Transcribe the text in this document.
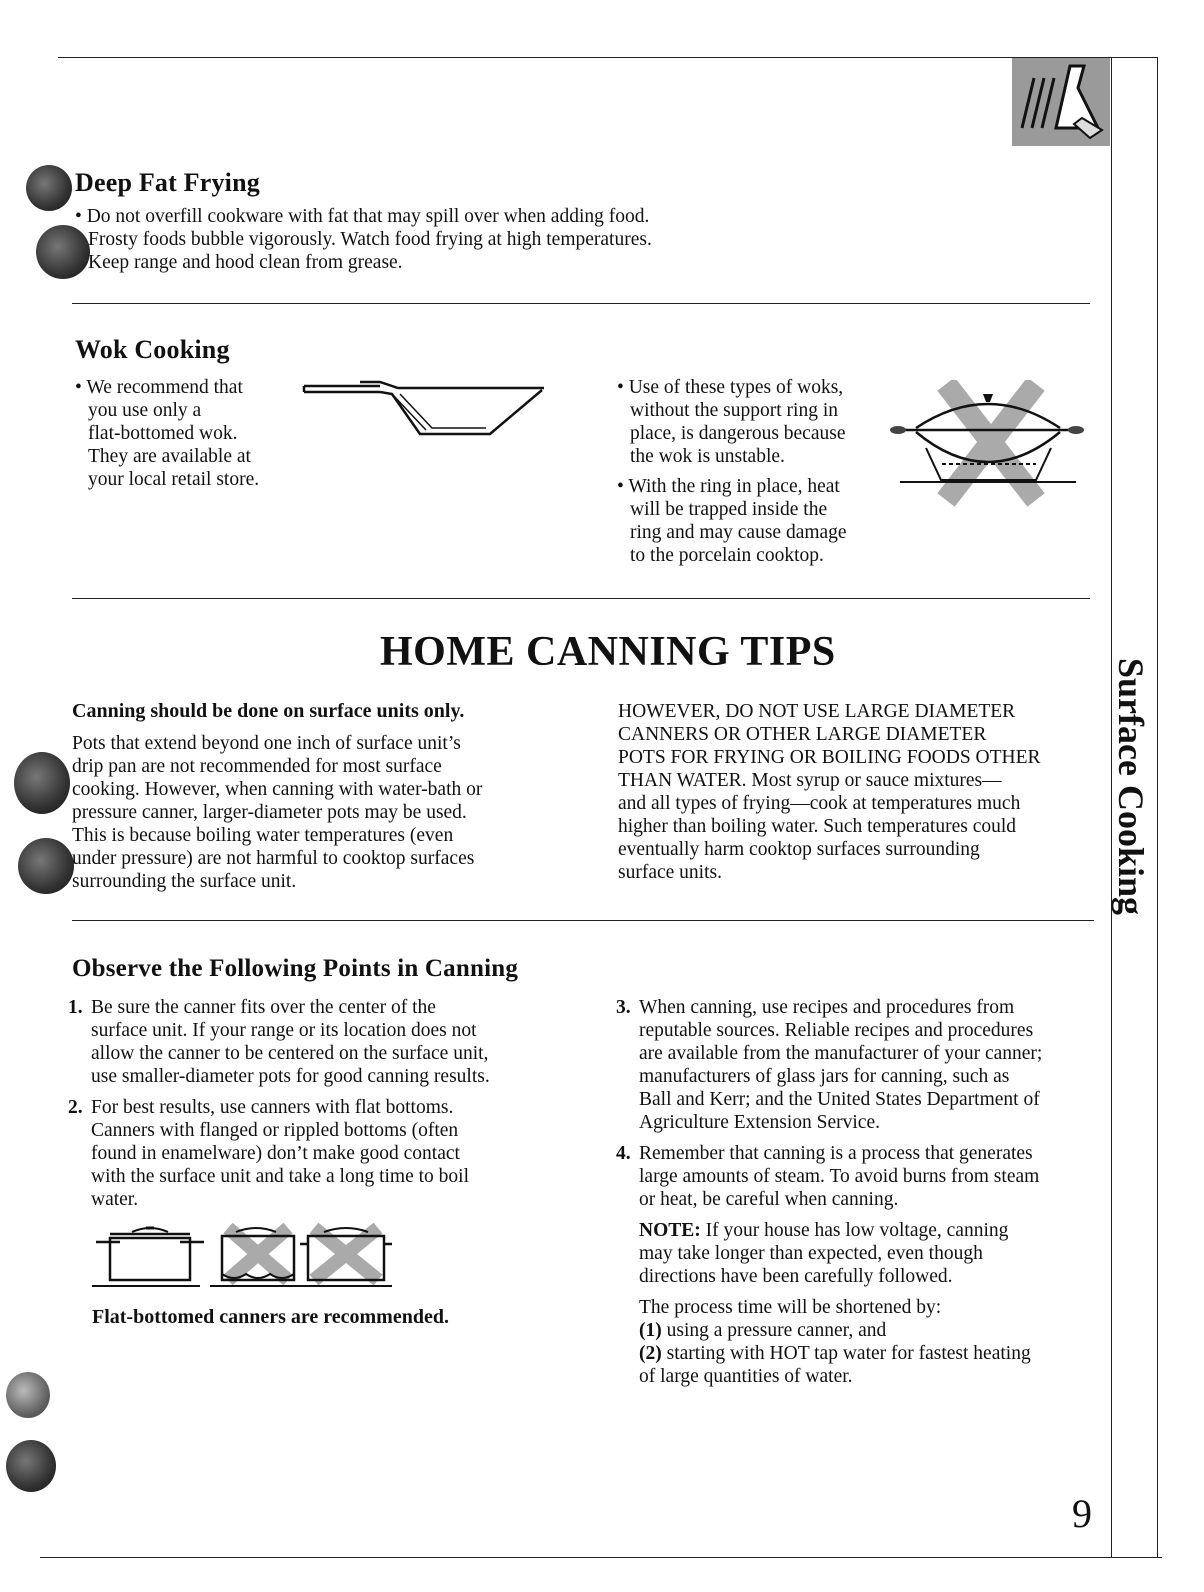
Deep Fat Frying
• Do not overfill cookware with fat that may spill over when adding food.
Frosty foods bubble vigorously. Watch food frying at high temperatures.
Keep range and hood clean from grease.
Wok Cooking

• We recommend that

you use only a

flat-bottomed wok.

They are available at

your local retail store.

• Use of these types of woks,

without the support ring in

place, is dangerous because

the wok is unstable.

• With the ring in place, heat

will be trapped inside the

ring and may cause damage

to the porcelain cooktop.

HOME CANNING TIPS
Canning should be done on surface units only.

Pots that extend beyond one inch of surface unit’s

drip pan are not recommended for most surface

cooking. However, when canning with water-bath or

pressure canner, larger-diameter pots may be used.

This is because boiling water temperatures (even

under pressure) are not harmful to cooktop surfaces

surrounding the surface unit.

HOWEVER, DO NOT USE LARGE DIAMETER

CANNERS OR OTHER LARGE DIAMETER

POTS FOR FRYING OR BOILING FOODS OTHER

THAN WATER. Most syrup or sauce mixtures—

and all types of frying—cook at temperatures much

higher than boiling water. Such temperatures could

eventually harm cooktop surfaces surrounding

surface units.	Surface Cooking
Observe the Following Points in Canning
1. Be sure the canner fits over the center of the

surface unit. If your range or its location does not

allow the canner to be centered on the surface unit,

use smaller-diameter pots for good canning results.

2. For best results, use canners with flat bottoms.

Canners with flanged or rippled bottoms (often

found in enamelware) don’t make good contact

with the surface unit and take a long time to boil

water.

Flat-bottomed canners are recommended.
3. When canning, use recipes and procedures from

reputable sources. Reliable recipes and procedures

are available from the manufacturer of your canner;

manufacturers of glass jars for canning, such as

Ball and Kerr; and the United States Department of

Agriculture Extension Service.

4. Remember that canning is a process that generates

large amounts of steam. To avoid burns from steam

or heat, be careful when canning.

NOTE: If your house has low voltage, canning

may take longer than expected, even though

directions have been carefully followed.

The process time will be shortened by:

(1) using a pressure canner, and

(2) starting with HOT tap water for fastest heating

of large quantities of water.

9
